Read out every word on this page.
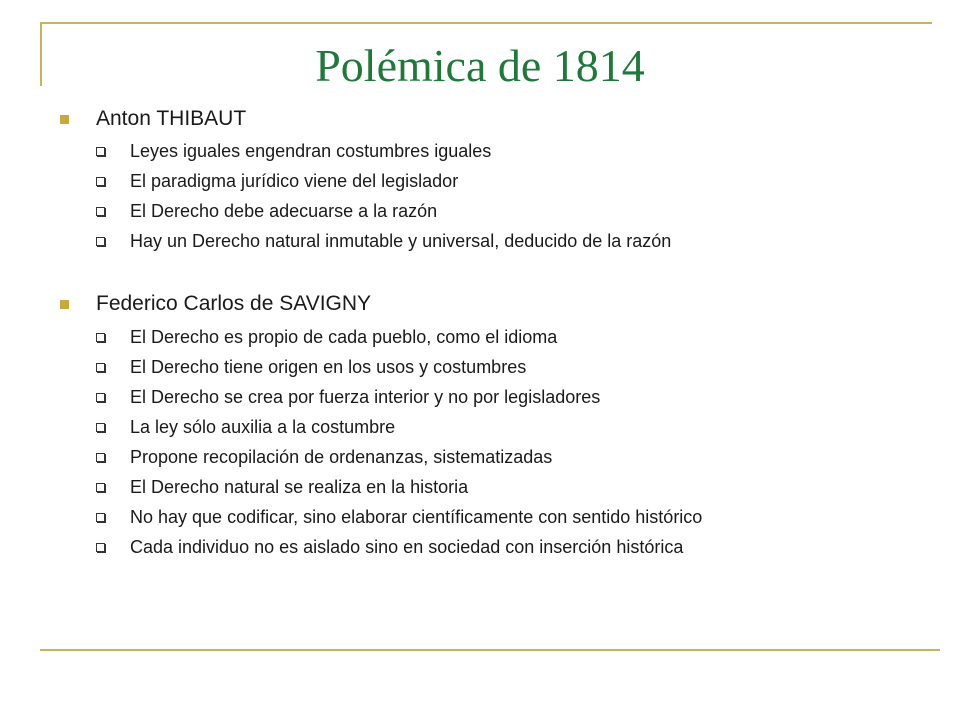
Polémica de 1814
Anton THIBAUT
Leyes iguales engendran costumbres iguales
El paradigma jurídico viene del legislador
El Derecho debe adecuarse a la razón
Hay un Derecho natural inmutable y universal, deducido de la razón
Federico Carlos de SAVIGNY
El Derecho es propio de cada pueblo, como el idioma
El Derecho tiene origen en los usos y costumbres
El Derecho se crea por fuerza interior y no por legisladores
La ley sólo auxilia a la costumbre
Propone recopilación de ordenanzas, sistematizadas
El Derecho natural se realiza en la historia
No hay que codificar, sino elaborar científicamente con sentido histórico
Cada individuo no es aislado sino en sociedad con inserción histórica
